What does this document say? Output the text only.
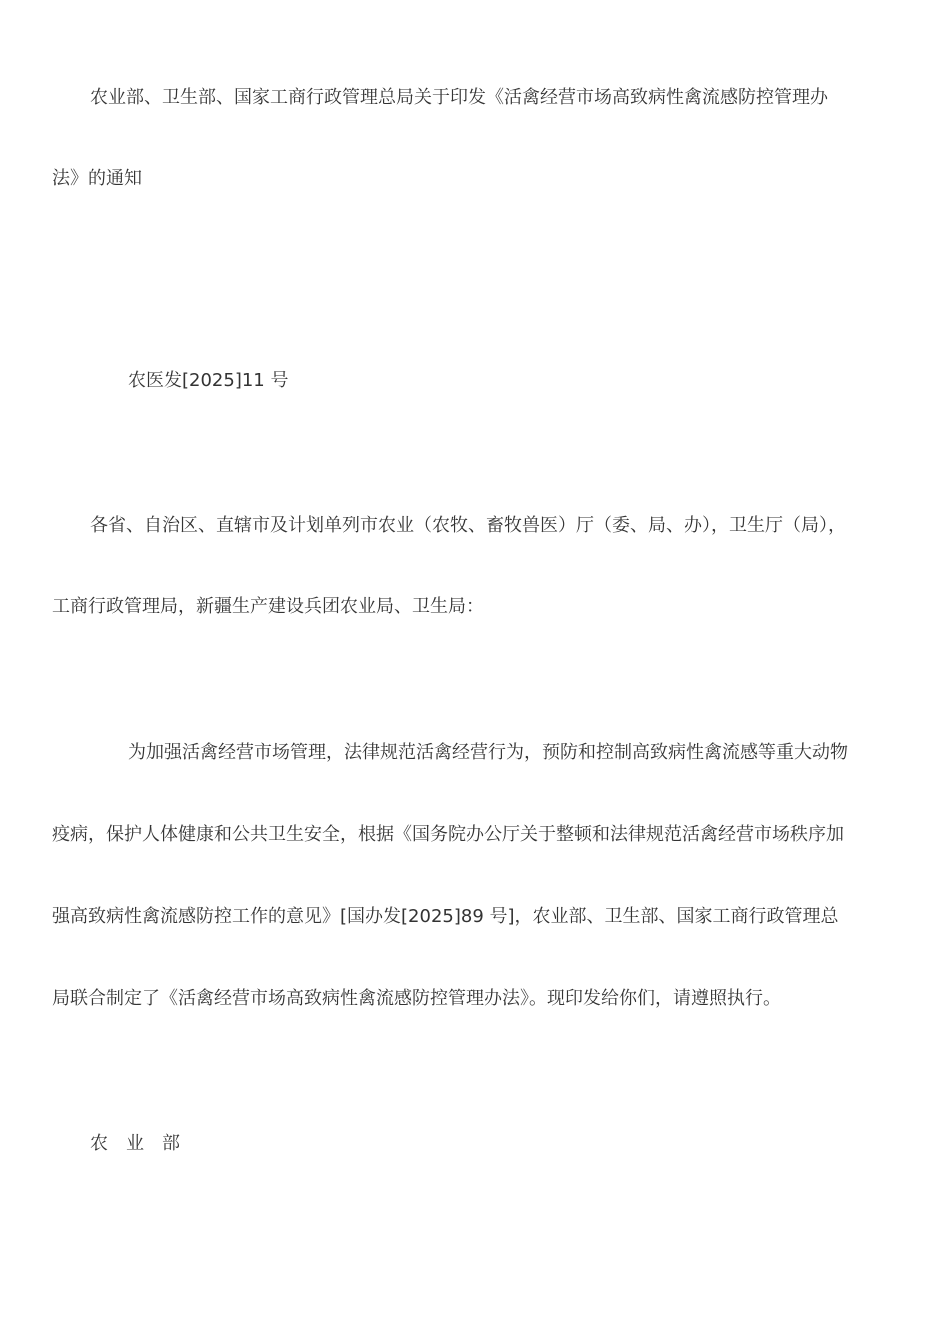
农业部、卫生部、国家工商行政管理总局关于印发《活禽经营市场高致病性禽流感防控管理办
法》的通知
农医发[2025]11 号
各省、自治区、直辖市及计划单列市农业（农牧、畜牧兽医）厅（委、局、办），卫生厅（局），
工商行政管理局，新疆生产建设兵团农业局、卫生局：
为加强活禽经营市场管理，法律规范活禽经营行为，预防和控制高致病性禽流感等重大动物
疫病，保护人体健康和公共卫生安全，根据《国务院办公厅关于整顿和法律规范活禽经营市场秩序加
强高致病性禽流感防控工作的意见》[国办发[2025]89 号]，农业部、卫生部、国家工商行政管理总
局联合制定了《活禽经营市场高致病性禽流感防控管理办法》。现印发给你们，请遵照执行。
农　业　部
